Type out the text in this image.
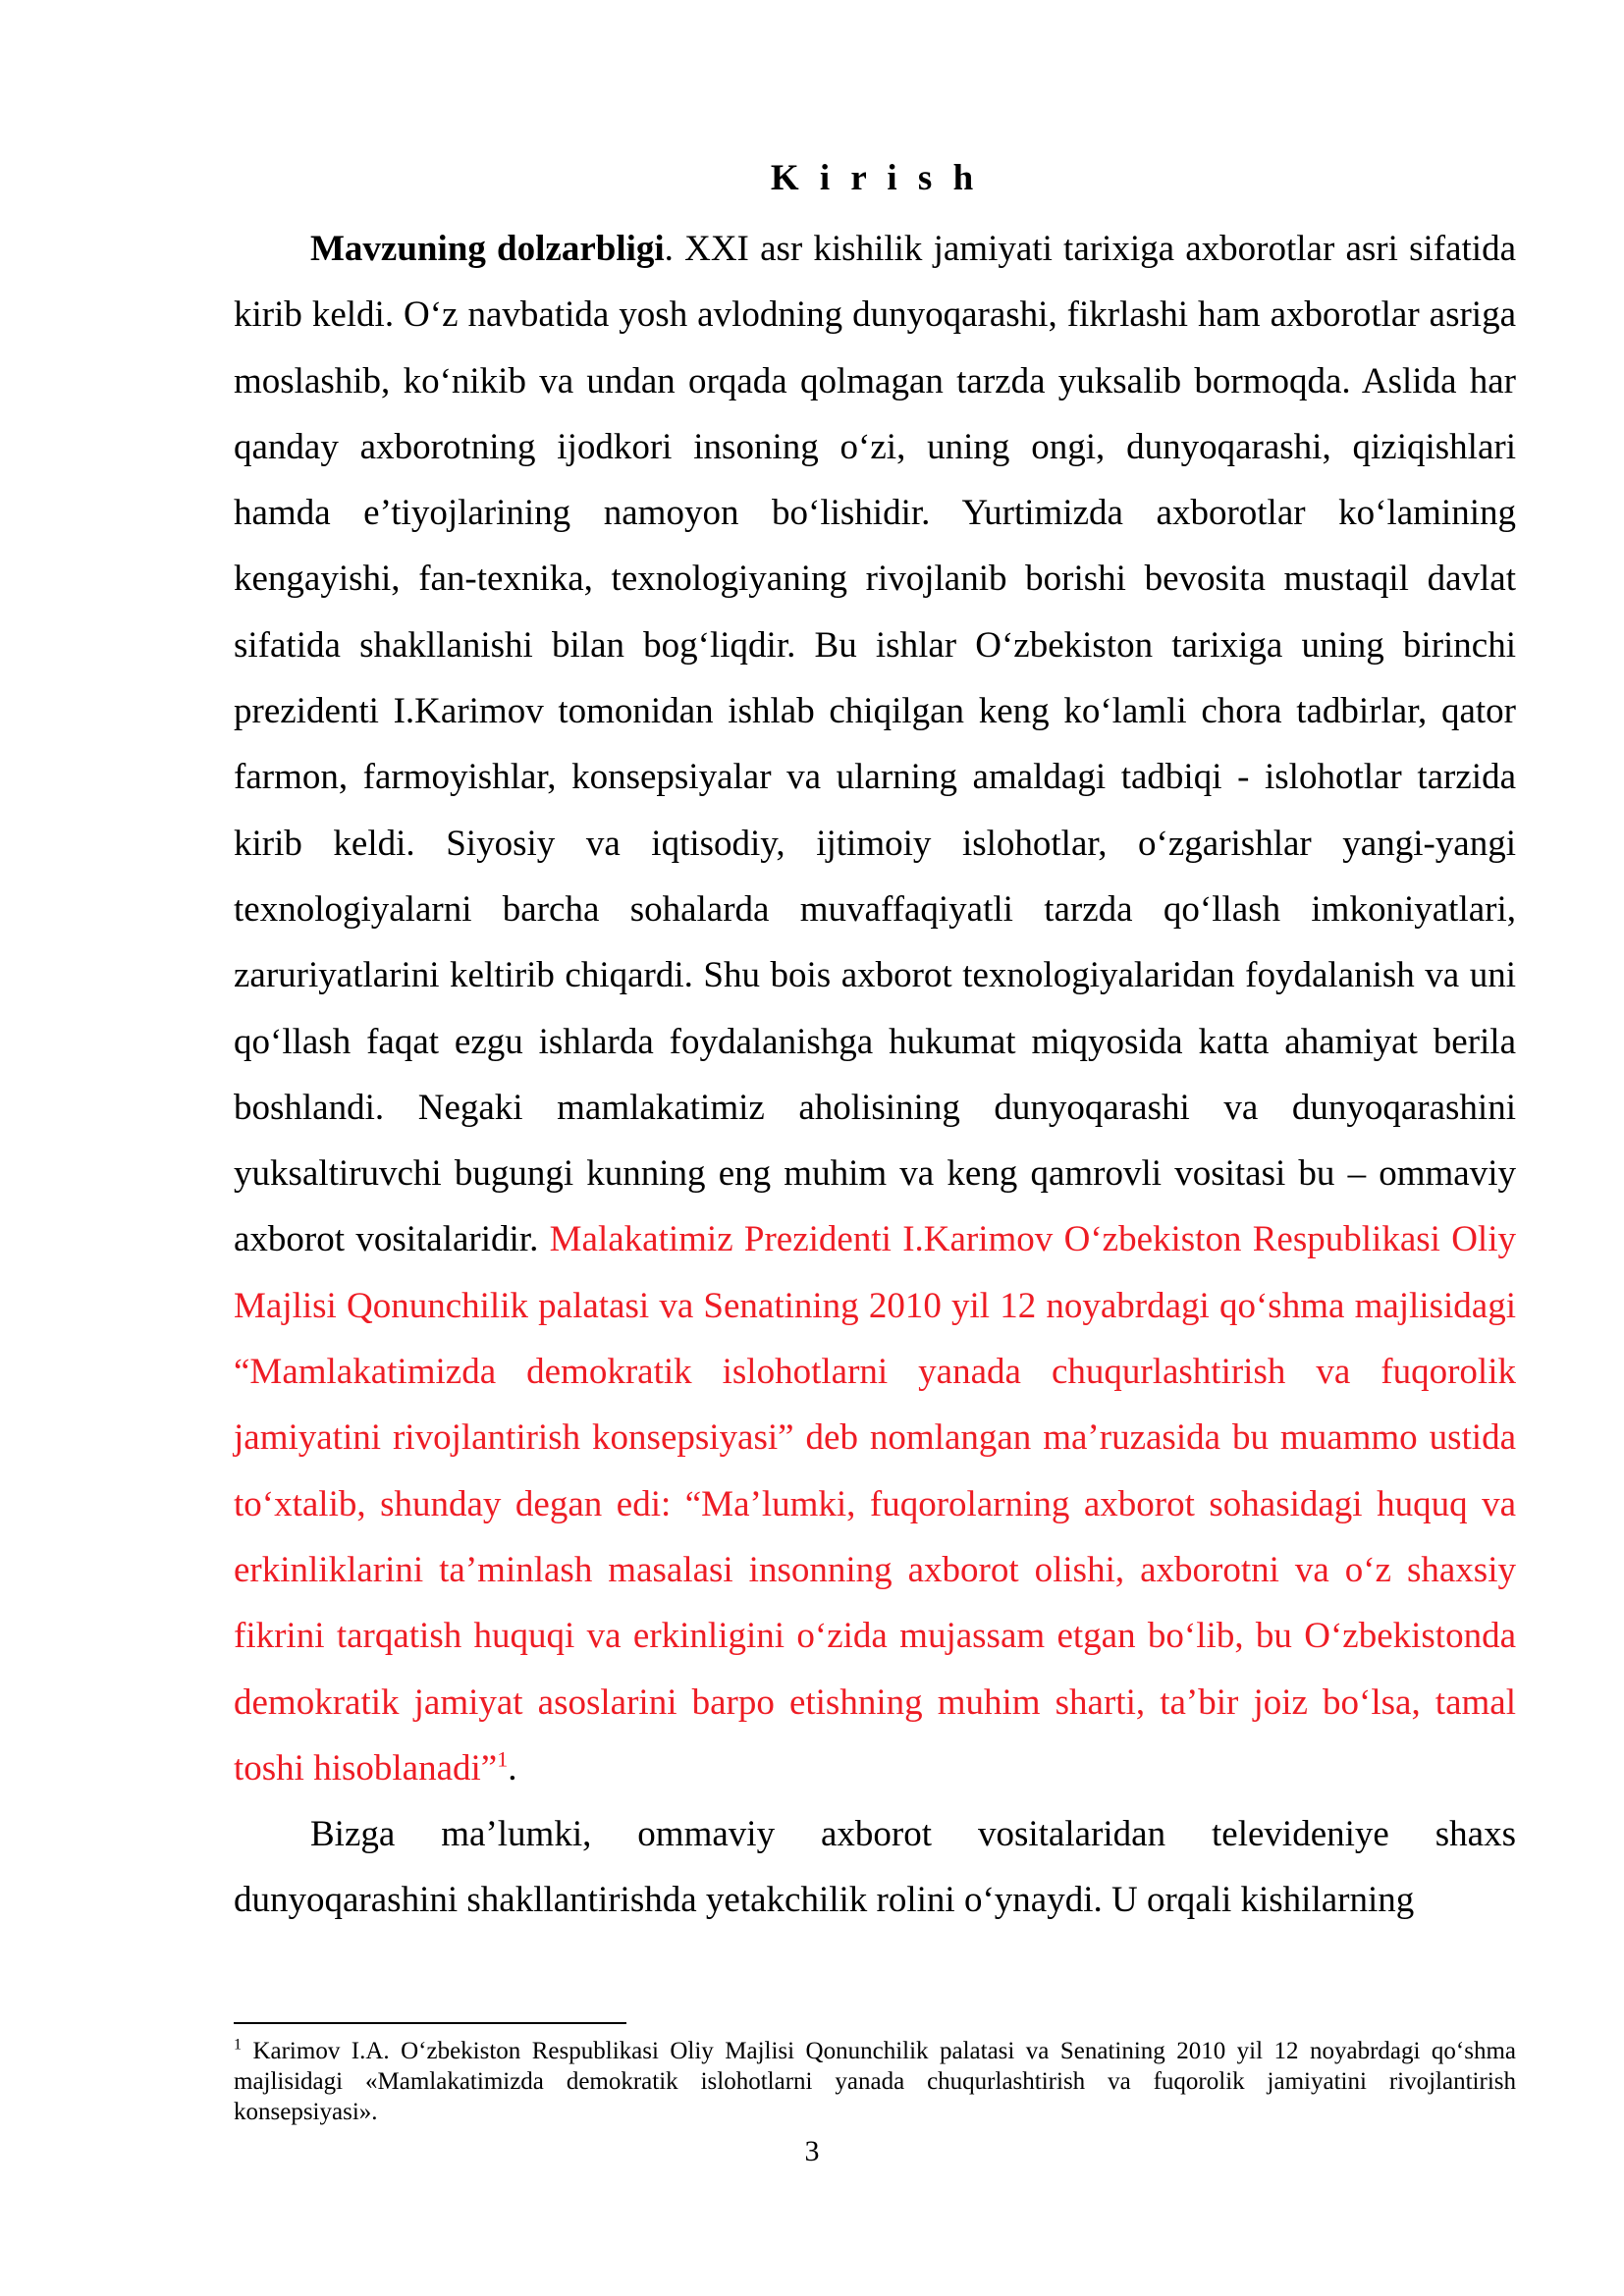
K i r i s h

Mavzuning dolzarbligi. XXI asr kishilik jamiyati tarixiga axborotlar asri sifatida kirib keldi. O‘z navbatida yosh avlodning dunyoqarashi, fikrlashi ham axborotlar asriga moslashib, ko‘nikib va undan orqada qolmagan tarzda yuksalib bormoqda. Aslida har qanday axborotning ijodkori insoning o‘zi, uning ongi, dunyoqarashi, qiziqishlari hamda e’tiyojlarining namoyon bo‘lishidir. Yurtimizda axborotlar ko‘lamining kengayishi, fan-texnika, texnologiyaning rivojlanib borishi bevosita mustaqil davlat sifatida shakllanishi bilan bog‘liqdir. Bu ishlar O‘zbekiston tarixiga uning birinchi prezidenti I.Karimov tomonidan ishlab chiqilgan keng ko‘lamli chora tadbirlar, qator farmon, farmoyishlar, konsepsiyalar va ularning amaldagi tadbiqi - islohotlar tarzida kirib keldi. Siyosiy va iqtisodiy, ijtimoiy islohotlar, o‘zgarishlar yangi-yangi texnologiyalarni barcha sohalarda muvaffaqiyatli tarzda qo‘llash imkoniyatlari, zaruriyatlarini keltirib chiqardi. Shu bois axborot texnologiyalaridan foydalanish va uni qo‘llash faqat ezgu ishlarda foydalanishga hukumat miqyosida katta ahamiyat berila boshlandi. Negaki mamlakatimiz aholisining dunyoqarashi va dunyoqarashini yuksaltiruvchi bugungi kunning eng muhim va keng qamrovli vositasi bu – ommaviy axborot vositalaridir. Malakatimiz Prezidenti I.Karimov O‘zbekiston Respublikasi Oliy Majlisi Qonunchilik palatasi va Senatining 2010 yil 12 noyabrdagi qo‘shma majlisidagi “Mamlakatimizda demokratik islohotlarni yanada chuqurlashtirish va fuqorolik jamiyatini rivojlantirish konsepsiyasi” deb nomlangan ma’ruzasida bu muammo ustida to‘xtalib, shunday degan edi: “Ma’lumki, fuqorolarning axborot sohasidagi huquq va erkinliklarini ta’minlash masalasi insonning axborot olishi, axborotni va o‘z shaxsiy fikrini tarqatish huquqi va erkinligini o‘zida mujassam etgan bo‘lib, bu O‘zbekistonda demokratik jamiyat asoslarini barpo etishning muhim sharti, ta’bir joiz bo‘lsa, tamal toshi hisoblanadi”$^1$.

Bizga ma’lumki, ommaviy axborot vositalaridan televideniye shaxs dunyoqarashini shakllantirishda yetakchilik rolini o‘ynaydi. U orqali kishilarning

$^1$ Karimov I.A. O‘zbekiston Respublikasi Oliy Majlisi Qonunchilik palatasi va Senatining 2010 yil 12 noyabrdagi qo‘shma majlisidagi «Mamlakatimizda demokratik islohotlarni yanada chuqurlashtirish va fuqorolik jamiyatini rivojlantirish konsepsiyasi».
3
